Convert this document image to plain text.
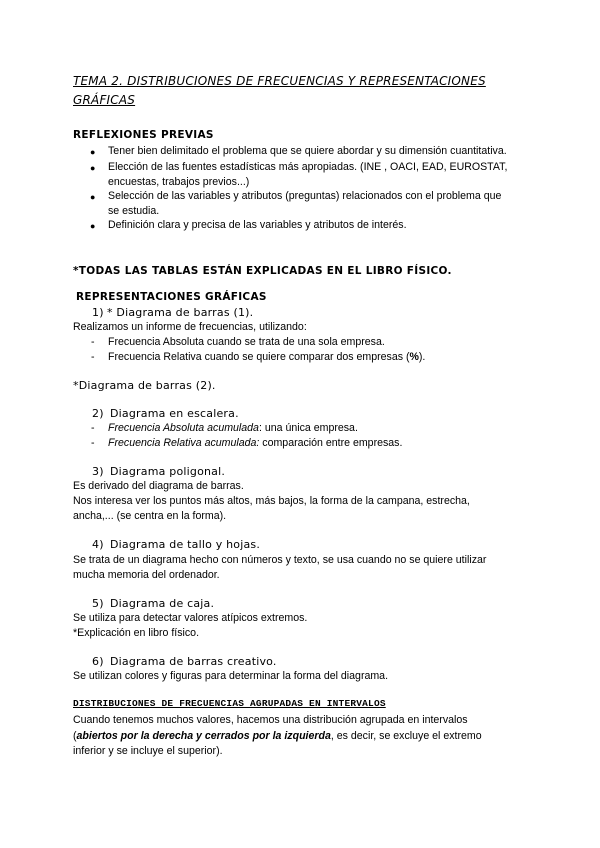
TEMA 2. DISTRIBUCIONES DE FRECUENCIAS Y REPRESENTACIONES
GRÁFICAS
REFLEXIONES PREVIAS
● Tener bien delimitado el problema que se quiere abordar y su dimensión cuantitativa.
● Elección de las fuentes estadísticas más apropiadas. (INE , OACI, EAD, EUROSTAT,
encuestas, trabajos previos...)
● Selección de las variables y atributos (preguntas) relacionados con el problema que
se estudia.
● Definición clara y precisa de las variables y atributos de interés.
*TODAS LAS TABLAS ESTÁN EXPLICADAS EN EL LIBRO FÍSICO.
REPRESENTACIONES GRÁFICAS
1) * Diagrama de barras (1).
Realizamos un informe de frecuencias, utilizando:
- Frecuencia Absoluta cuando se trata de una sola empresa.
- Frecuencia Relativa cuando se quiere comparar dos empresas (%).
*Diagrama de barras (2).
2) Diagrama en escalera.
- Frecuencia Absoluta acumulada: una única empresa.
- Frecuencia Relativa acumulada: comparación entre empresas.
3) Diagrama poligonal.
Es derivado del diagrama de barras.
Nos interesa ver los puntos más altos, más bajos, la forma de la campana, estrecha,
ancha,... (se centra en la forma).
4) Diagrama de tallo y hojas.
Se trata de un diagrama hecho con números y texto, se usa cuando no se quiere utilizar
mucha memoria del ordenador.
5) Diagrama de caja.
Se utiliza para detectar valores atípicos extremos.
*Explicación en libro físico.
6) Diagrama de barras creativo.
Se utilizan colores y figuras para determinar la forma del diagrama.
DISTRIBUCIONES DE FRECUENCIAS AGRUPADAS EN INTERVALOS
Cuando tenemos muchos valores, hacemos una distribución agrupada en intervalos
(abiertos por la derecha y cerrados por la izquierda, es decir, se excluye el extremo
inferior y se incluye el superior).
